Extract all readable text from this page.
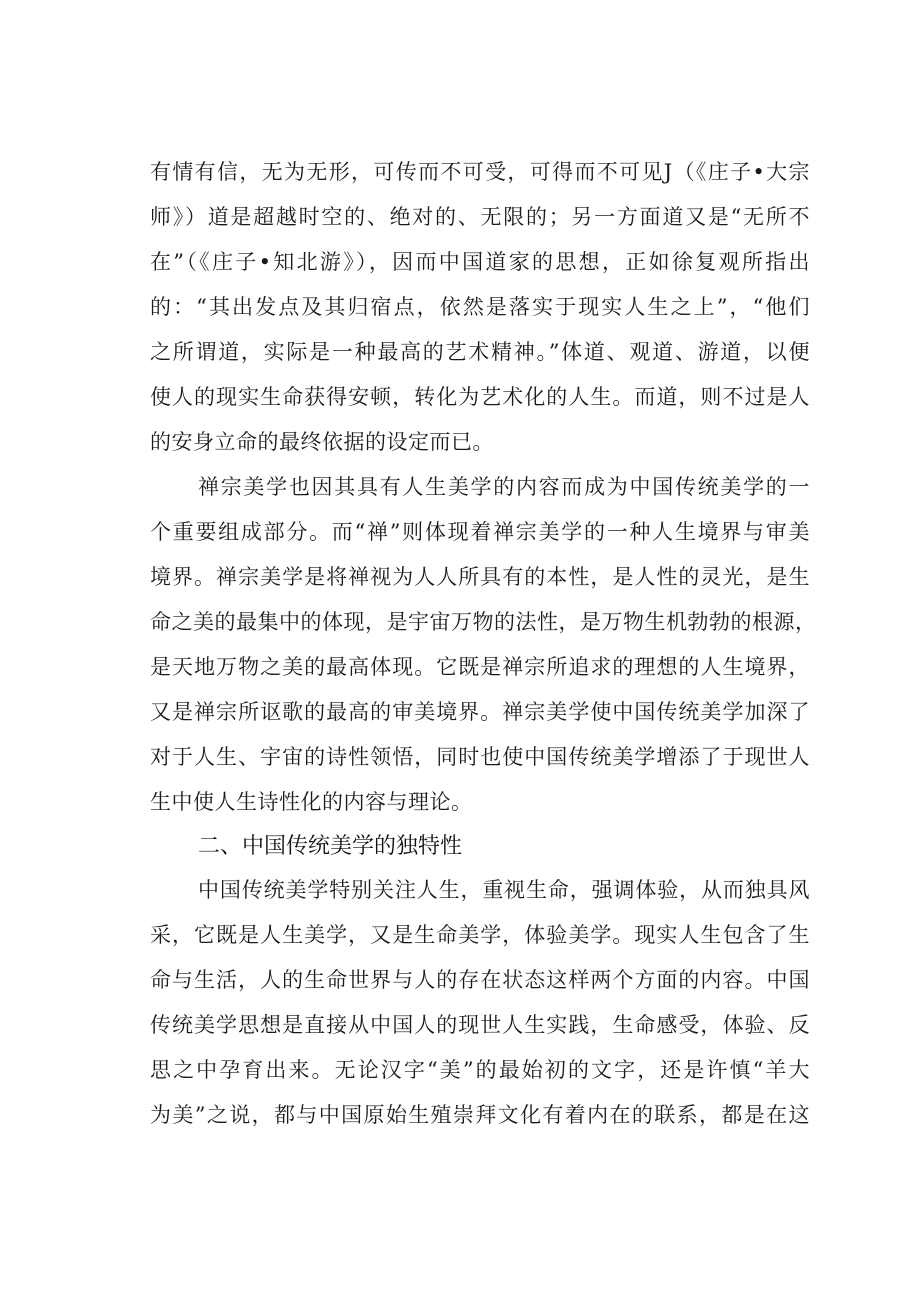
有情有信，无为无形，可传而不可受，可得而不可见J（《庄子•大宗
师》）道是超越时空的、绝对的、无限的；另一方面道又是“无所不
在”（《庄子•知北游》），因而中国道家的思想，正如徐复观所指出
的：“其出发点及其归宿点，依然是落实于现实人生之上”，“他们
之所谓道，实际是一种最高的艺术精神。”体道、观道、游道，以便
使人的现实生命获得安顿，转化为艺术化的人生。而道，则不过是人
的安身立命的最终依据的设定而已。
禅宗美学也因其具有人生美学的内容而成为中国传统美学的一
个重要组成部分。而“禅”则体现着禅宗美学的一种人生境界与审美
境界。禅宗美学是将禅视为人人所具有的本性，是人性的灵光，是生
命之美的最集中的体现，是宇宙万物的法性，是万物生机勃勃的根源，
是天地万物之美的最高体现。它既是禅宗所追求的理想的人生境界，
又是禅宗所讴歌的最高的审美境界。禅宗美学使中国传统美学加深了
对于人生、宇宙的诗性领悟，同时也使中国传统美学增添了于现世人
生中使人生诗性化的内容与理论。
二、中国传统美学的独特性
中国传统美学特别关注人生，重视生命，强调体验，从而独具风
采，它既是人生美学，又是生命美学，体验美学。现实人生包含了生
命与生活，人的生命世界与人的存在状态这样两个方面的内容。中国
传统美学思想是直接从中国人的现世人生实践，生命感受，体验、反
思之中孕育出来。无论汉字“美”的最始初的文字，还是许慎“羊大
为美”之说，都与中国原始生殖崇拜文化有着内在的联系，都是在这
